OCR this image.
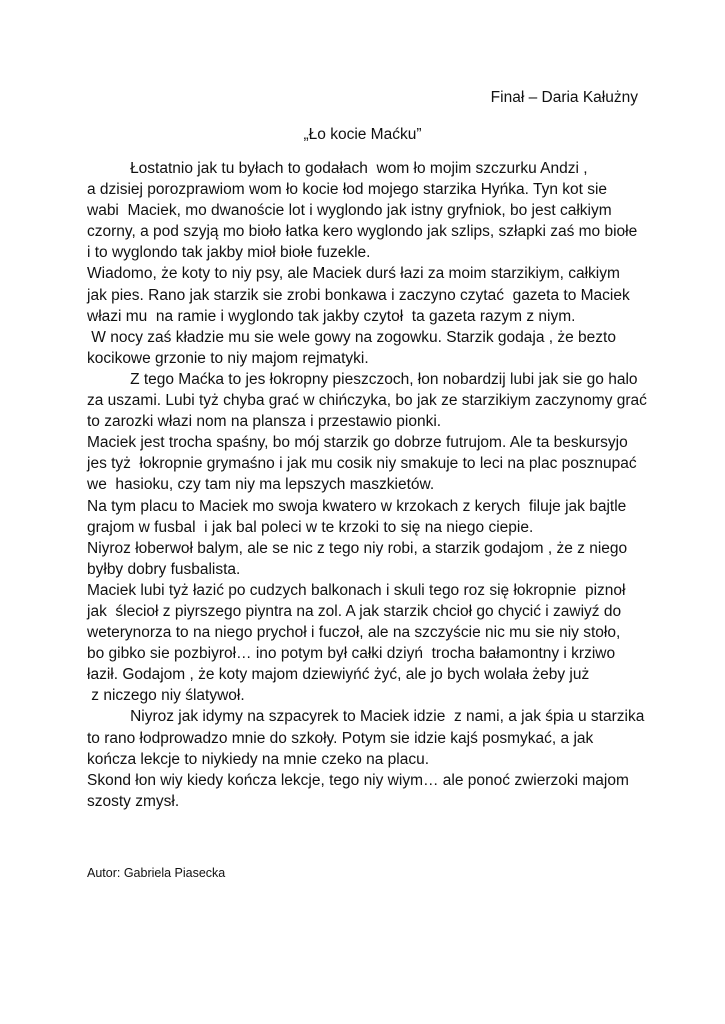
Finał – Daria Kałużny
„Ło kocie Maćku”
Łostatnio jak tu byłach to godałach  wom ło mojim szczurku Andzi ,
a dzisiej porozprawiom wom ło kocie łod mojego starzika Hyńka. Tyn kot sie
wabi  Maciek, mo dwanoście lot i wyglondo jak istny gryfniok, bo jest całkiym
czorny, a pod szyją mo bioło łatka kero wyglondo jak szlips, szłapki zaś mo biołe
i to wyglondo tak jakby mioł biołe fuzekle.
Wiadomo, że koty to niy psy, ale Maciek durś łazi za moim starzikiym, całkiym
jak pies. Rano jak starzik sie zrobi bonkawa i zaczyno czytać  gazeta to Maciek
włazi mu  na ramie i wyglondo tak jakby czytoł  ta gazeta razym z niym.
W nocy zaś kładzie mu sie wele gowy na zogowku. Starzik godaja , że bezto
kocikowe grzonie to niy majom rejmatyki.
Z tego Maćka to jes łokropny pieszczoch, łon nobardzij lubi jak sie go halo
za uszami. Lubi tyż chyba grać w chińczyka, bo jak ze starzikiym zaczynomy grać
to zarozki włazi nom na plansza i przestawio pionki.
Maciek jest trocha spaśny, bo mój starzik go dobrze futrujom. Ale ta beskursyjo
jes tyż  łokropnie grymaśno i jak mu cosik niy smakuje to leci na plac posznupać
we  hasioku, czy tam niy ma lepszych maszkietów.
Na tym placu to Maciek mo swoja kwatero w krzokach z kerych  filuje jak bajtle
grajom w fusbal  i jak bal poleci w te krzoki to się na niego ciepie.
Niyroz łoberwoł balym, ale se nic z tego niy robi, a starzik godajom , że z niego
byłby dobry fusbalista.
Maciek lubi tyż łazić po cudzych balkonach i skuli tego roz się łokropnie  piznoł
jak  ślecioł z piyrszego piyntra na zol. A jak starzik chcioł go chycić i zawiyź do
weterynorza to na niego prychoł i fuczoł, ale na szczyście nic mu sie niy stoło,
bo gibko sie pozbiyroł… ino potym był całki dziyń  trocha bałamontny i krziwo
łaził. Godajom , że koty majom dziewiyńć żyć, ale jo bych wolała żeby już
z niczego niy ślatywoł.
Niyroz jak idymy na szpacyrek to Maciek idzie  z nami, a jak śpia u starzika
to rano łodprowadzo mnie do szkoły. Potym sie idzie kajś posmykać, a jak
kończa lekcje to niykiedy na mnie czeko na placu.
Skond łon wiy kiedy kończa lekcje, tego niy wiym… ale ponoć zwierzoki majom
szosty zmysł.
Autor: Gabriela Piasecka
